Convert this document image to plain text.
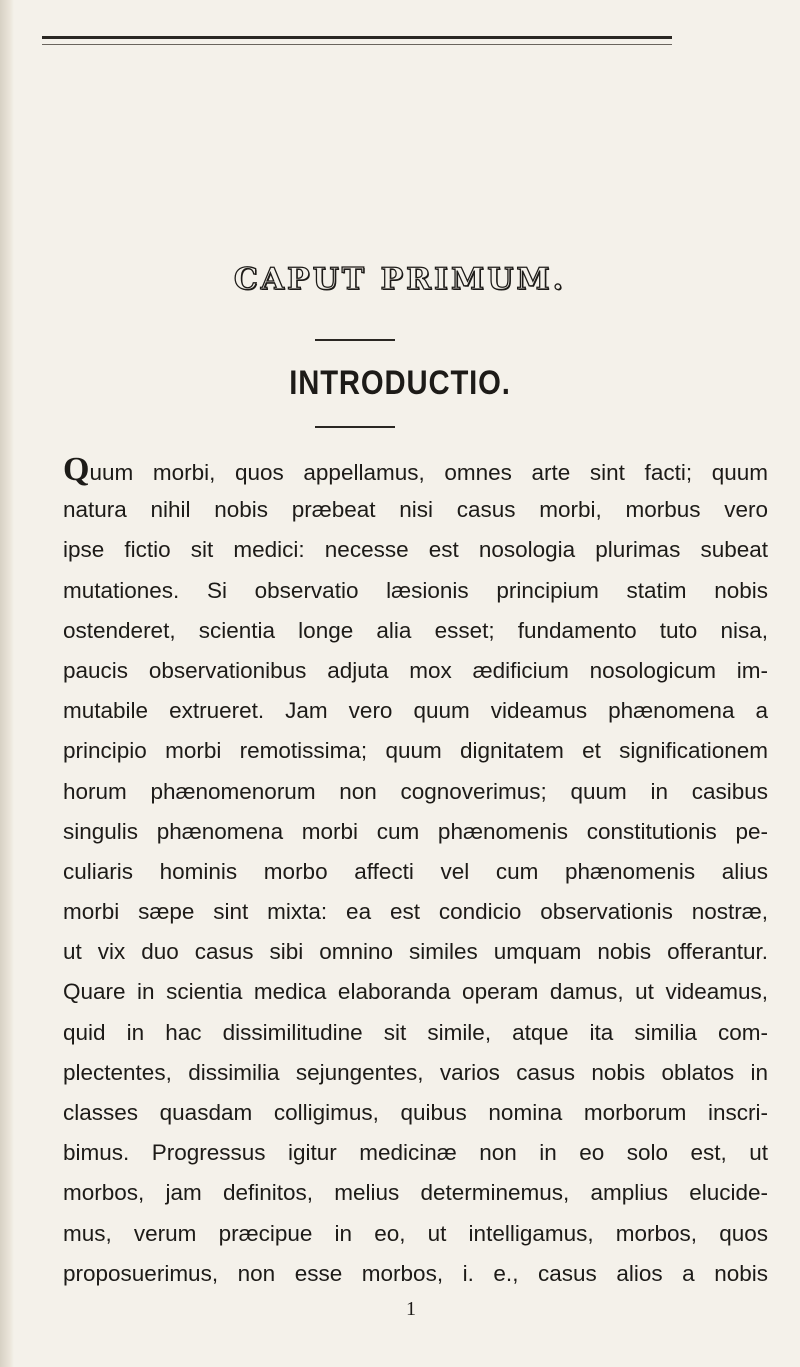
CAPUT PRIMUM.
INTRODUCTIO.
Quum morbi, quos appellamus, omnes arte sint facti; quum
natura nihil nobis præbeat nisi casus morbi, morbus vero
ipse fictio sit medici: necesse est nosologia plurimas subeat
mutationes. Si observatio læsionis principium statim nobis
ostenderet, scientia longe alia esset; fundamento tuto nisa,
paucis observationibus adjuta mox ædificium nosologicum im-
mutabile extrueret. Jam vero quum videamus phænomena a
principio morbi remotissima; quum dignitatem et significationem
horum phænomenorum non cognoverimus; quum in casibus
singulis phænomena morbi cum phænomenis constitutionis pe-
culiaris hominis morbo affecti vel cum phænomenis alius
morbi sæpe sint mixta: ea est condicio observationis nostræ,
ut vix duo casus sibi omnino similes umquam nobis offerantur.
Quare in scientia medica elaboranda operam damus, ut videamus,
quid in hac dissimilitudine sit simile, atque ita similia com-
plectentes, dissimilia sejungentes, varios casus nobis oblatos in
classes quasdam colligimus, quibus nomina morborum inscri-
bimus. Progressus igitur medicinæ non in eo solo est, ut
morbos, jam definitos, melius determinemus, amplius elucide-
mus, verum præcipue in eo, ut intelligamus, morbos, quos
proposuerimus, non esse morbos, i. e., casus alios a nobis
1
